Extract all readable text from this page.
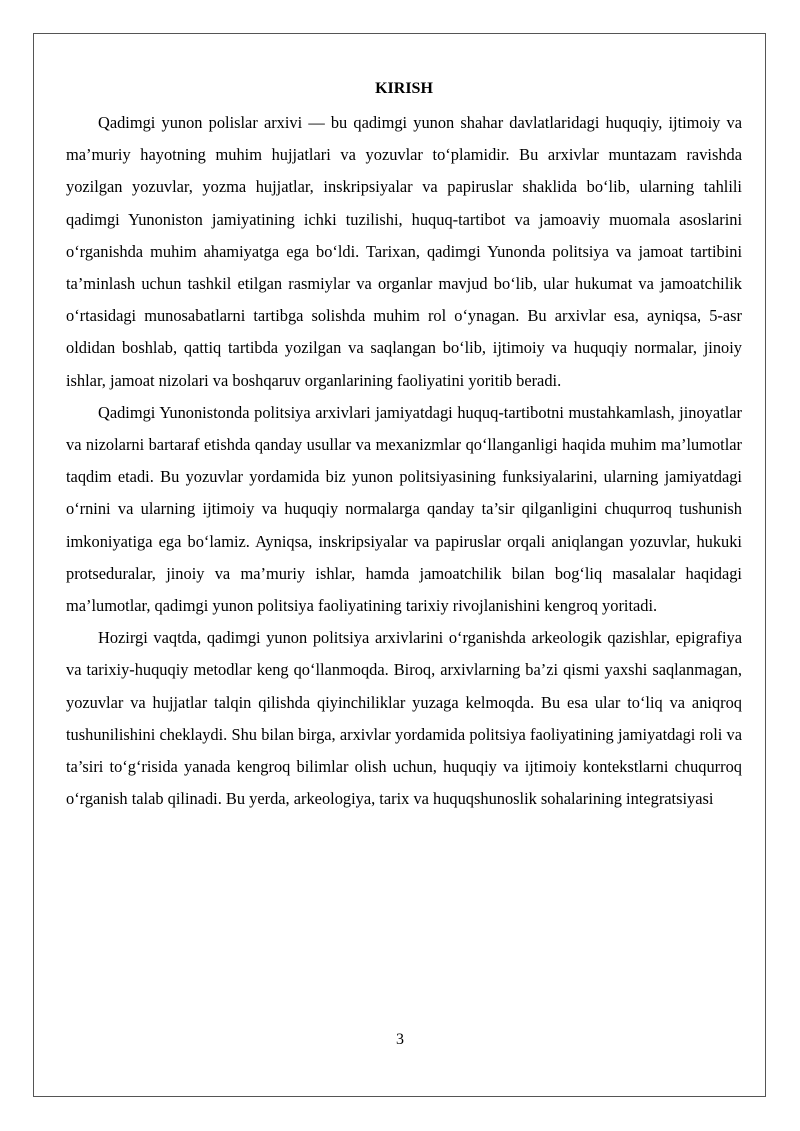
KIRISH

Qadimgi yunon polislar arxivi — bu qadimgi yunon shahar davlatlaridagi huquqiy, ijtimoiy va ma’muriy hayotning muhim hujjatlari va yozuvlar to‘plamidir. Bu arxivlar muntazam ravishda yozilgan yozuvlar, yozma hujjatlar, inskripsiyalar va papiruslar shaklida bo‘lib, ularning tahlili qadimgi Yunoniston jamiyatining ichki tuzilishi, huquq-tartibot va jamoaviy muomala asoslarini o‘rganishda muhim ahamiyatga ega bo‘ldi. Tarixan, qadimgi Yunonda politsiya va jamoat tartibini ta’minlash uchun tashkil etilgan rasmiylar va organlar mavjud bo‘lib, ular hukumat va jamoatchilik o‘rtasidagi munosabatlarni tartibga solishda muhim rol o‘ynagan. Bu arxivlar esa, ayniqsa, 5-asr oldidan boshlab, qattiq tartibda yozilgan va saqlangan bo‘lib, ijtimoiy va huquqiy normalar, jinoiy ishlar, jamoat nizolari va boshqaruv organlarining faoliyatini yoritib beradi.

Qadimgi Yunonistonda politsiya arxivlari jamiyatdagi huquq-tartibotni mustahkamlash, jinoyatlar va nizolarni bartaraf etishda qanday usullar va mexanizmlar qo‘llanganligi haqida muhim ma’lumotlar taqdim etadi. Bu yozuvlar yordamida biz yunon politsiyasining funksiyalarini, ularning jamiyatdagi o‘rnini va ularning ijtimoiy va huquqiy normalarga qanday ta’sir qilganligini chuqurroq tushunish imkoniyatiga ega bo‘lamiz. Ayniqsa, inskripsiyalar va papiruslar orqali aniqlangan yozuvlar, hukuki protseduralar, jinoiy va ma’muriy ishlar, hamda jamoatchilik bilan bog‘liq masalalar haqidagi ma’lumotlar, qadimgi yunon politsiya faoliyatining tarixiy rivojlanishini kengroq yoritadi.

Hozirgi vaqtda, qadimgi yunon politsiya arxivlarini o‘rganishda arkeologik qazishlar, epigrafiya va tarixiy-huquqiy metodlar keng qo‘llanmoqda. Biroq, arxivlarning ba’zi qismi yaxshi saqlanmagan, yozuvlar va hujjatlar talqin qilishda qiyinchiliklar yuzaga kelmoqda. Bu esa ular to‘liq va aniqroq tushunilishini cheklaydi. Shu bilan birga, arxivlar yordamida politsiya faoliyatining jamiyatdagi roli va ta’siri to‘g‘risida yanada kengroq bilimlar olish uchun, huquqiy va ijtimoiy kontekstlarni chuqurroq o‘rganish talab qilinadi. Bu yerda, arkeologiya, tarix va huquqshunoslik sohalarining integratsiyasi

3
